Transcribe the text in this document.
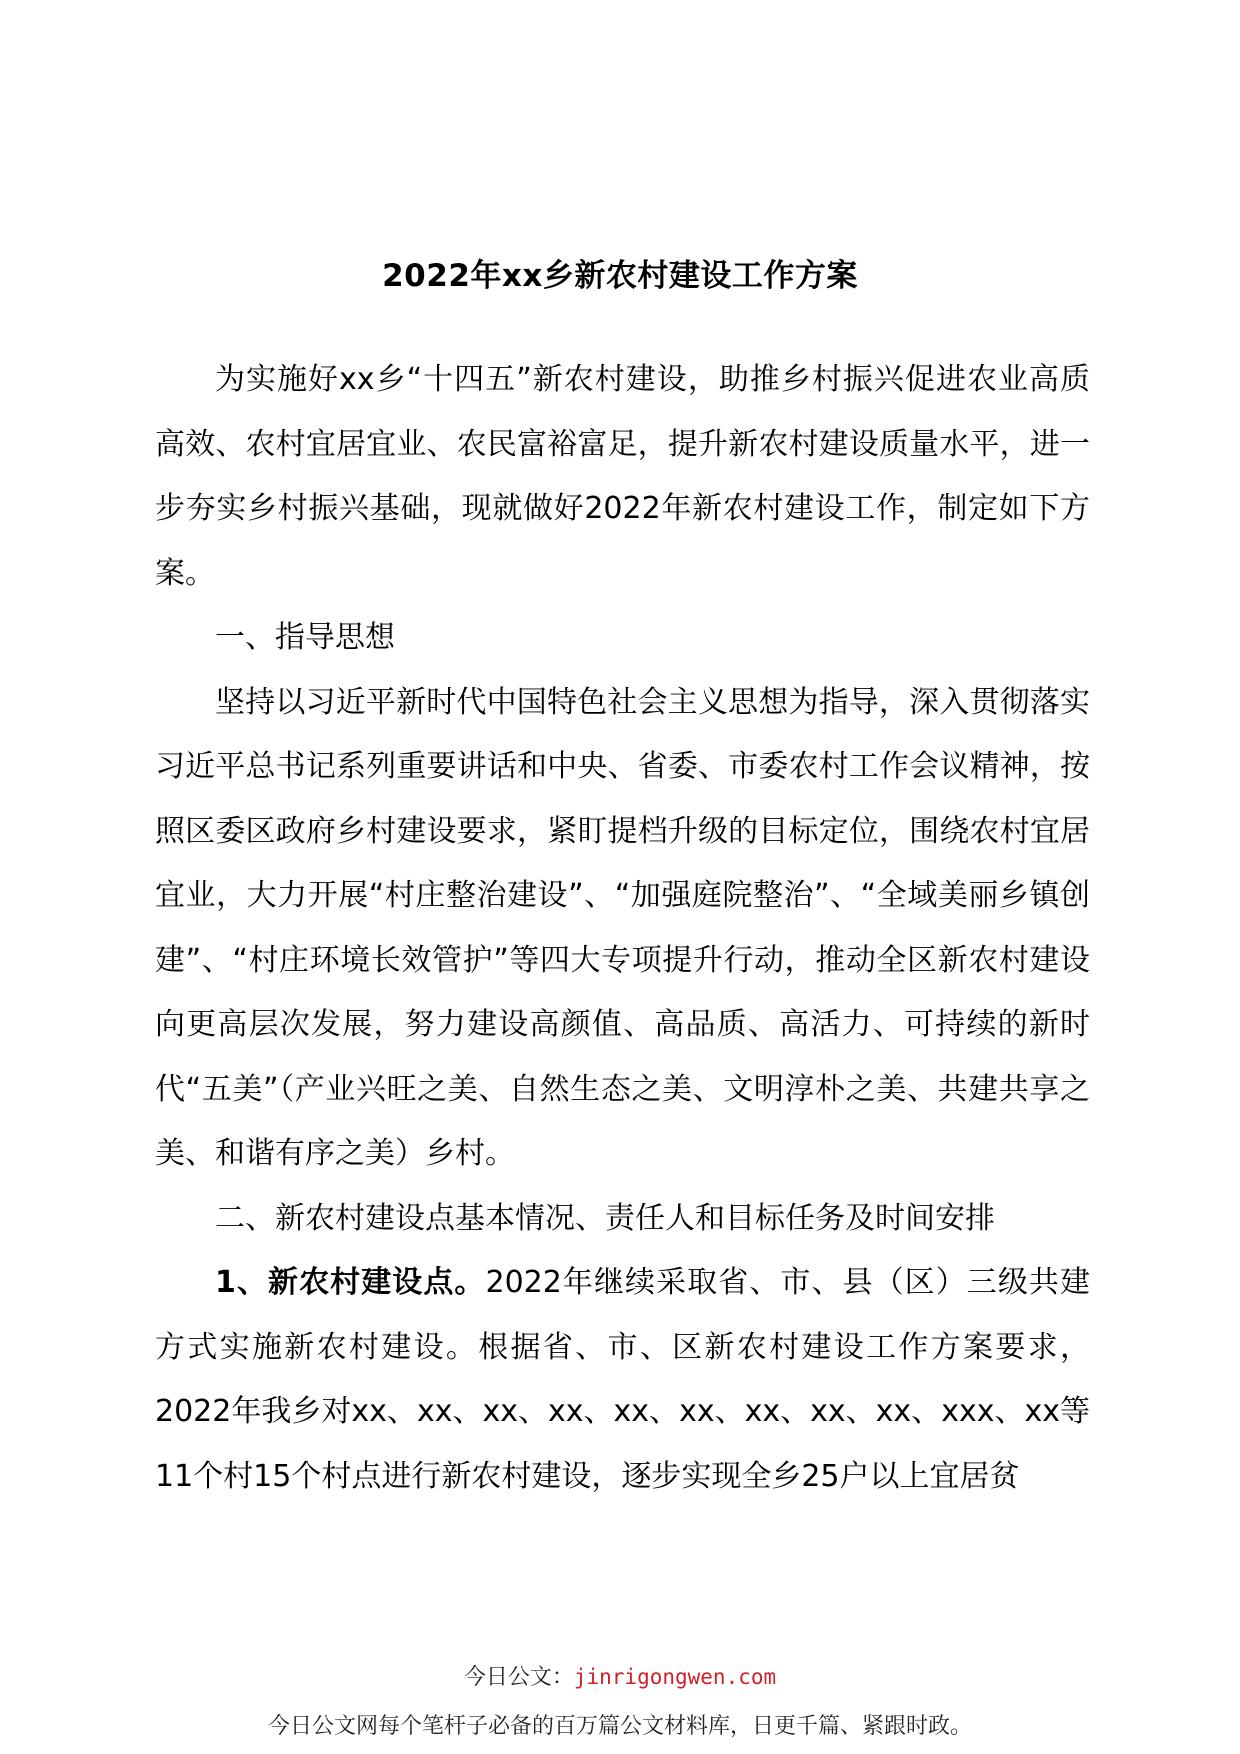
2022年xx乡新农村建设工作方案

为实施好xx乡“十四五”新农村建设，助推乡村振兴促进农业高质高效、农村宜居宜业、农民富裕富足，提升新农村建设质量水平，进一步夯实乡村振兴基础，现就做好2022年新农村建设工作，制定如下方案。

一、指导思想

坚持以习近平新时代中国特色社会主义思想为指导，深入贯彻落实习近平总书记系列重要讲话和中央、省委、市委农村工作会议精神，按照区委区政府乡村建设要求，紧盯提档升级的目标定位，围绕农村宜居宜业，大力开展“村庄整治建设”、“加强庭院整治”、“全域美丽乡镇创建”、“村庄环境长效管护”等四大专项提升行动，推动全区新农村建设向更高层次发展，努力建设高颜值、高品质、高活力、可持续的新时代“五美”（产业兴旺之美、自然生态之美、文明淳朴之美、共建共享之美、和谐有序之美）乡村。

二、新农村建设点基本情况、责任人和目标任务及时间安排

1、新农村建设点。2022年继续采取省、市、县（区）三级共建方式实施新农村建设。根据省、市、区新农村建设工作方案要求，2022年我乡对xx、xx、xx、xx、xx、xx、xx、xx、xx、xxx、xx等11个村15个村点进行新农村建设，逐步实现全乡25户以上宜居贫

今日公文：jinrigongwen.com
今日公文网每个笔杆子必备的百万篇公文材料库，日更千篇、紧跟时政。
